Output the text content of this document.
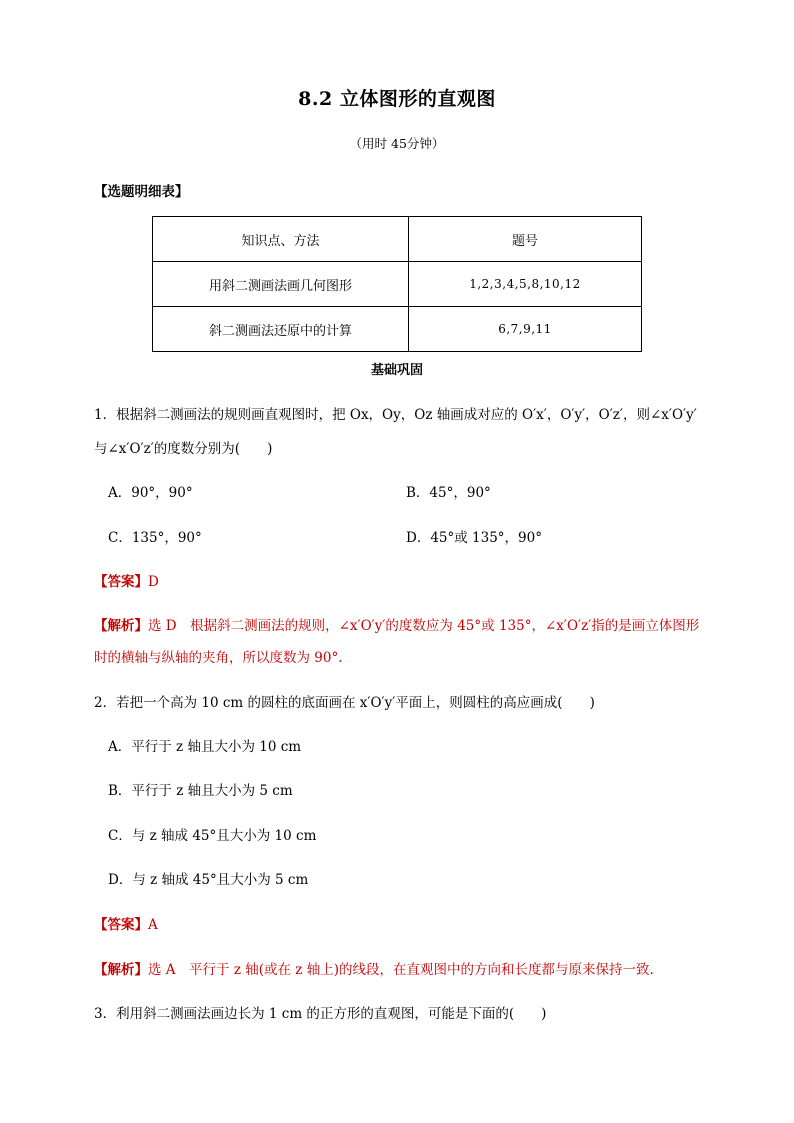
8.2 立体图形的直观图
（用时 45分钟）
【选题明细表】
知识点、方法	题号
用斜二测画法画几何图形	1,2,3,4,5,8,10,12
斜二测画法还原中的计算	6,7,9,11
基础巩固
1．根据斜二测画法的规则画直观图时，把 Ox，Oy，Oz 轴画成对应的 O′x′，O′y′，O′z′，则∠x′O′y′
与∠x′O′z′的度数分别为(　　)
A．90°，90°	B．45°，90°
C．135°，90°	D．45°或 135°，90°
【答案】D
【解析】选 D　根据斜二测画法的规则，∠x′O′y′的度数应为 45°或 135°，∠x′O′z′指的是画立体图形
时的横轴与纵轴的夹角，所以度数为 90°.
2．若把一个高为 10 cm 的圆柱的底面画在 x′O′y′平面上，则圆柱的高应画成(　　)
A．平行于 z 轴且大小为 10 cm
B．平行于 z 轴且大小为 5 cm
C．与 z 轴成 45°且大小为 10 cm
D．与 z 轴成 45°且大小为 5 cm
【答案】A
【解析】选 A　平行于 z 轴(或在 z 轴上)的线段，在直观图中的方向和长度都与原来保持一致.
3．利用斜二测画法画边长为 1 cm 的正方形的直观图，可能是下面的(　　)
